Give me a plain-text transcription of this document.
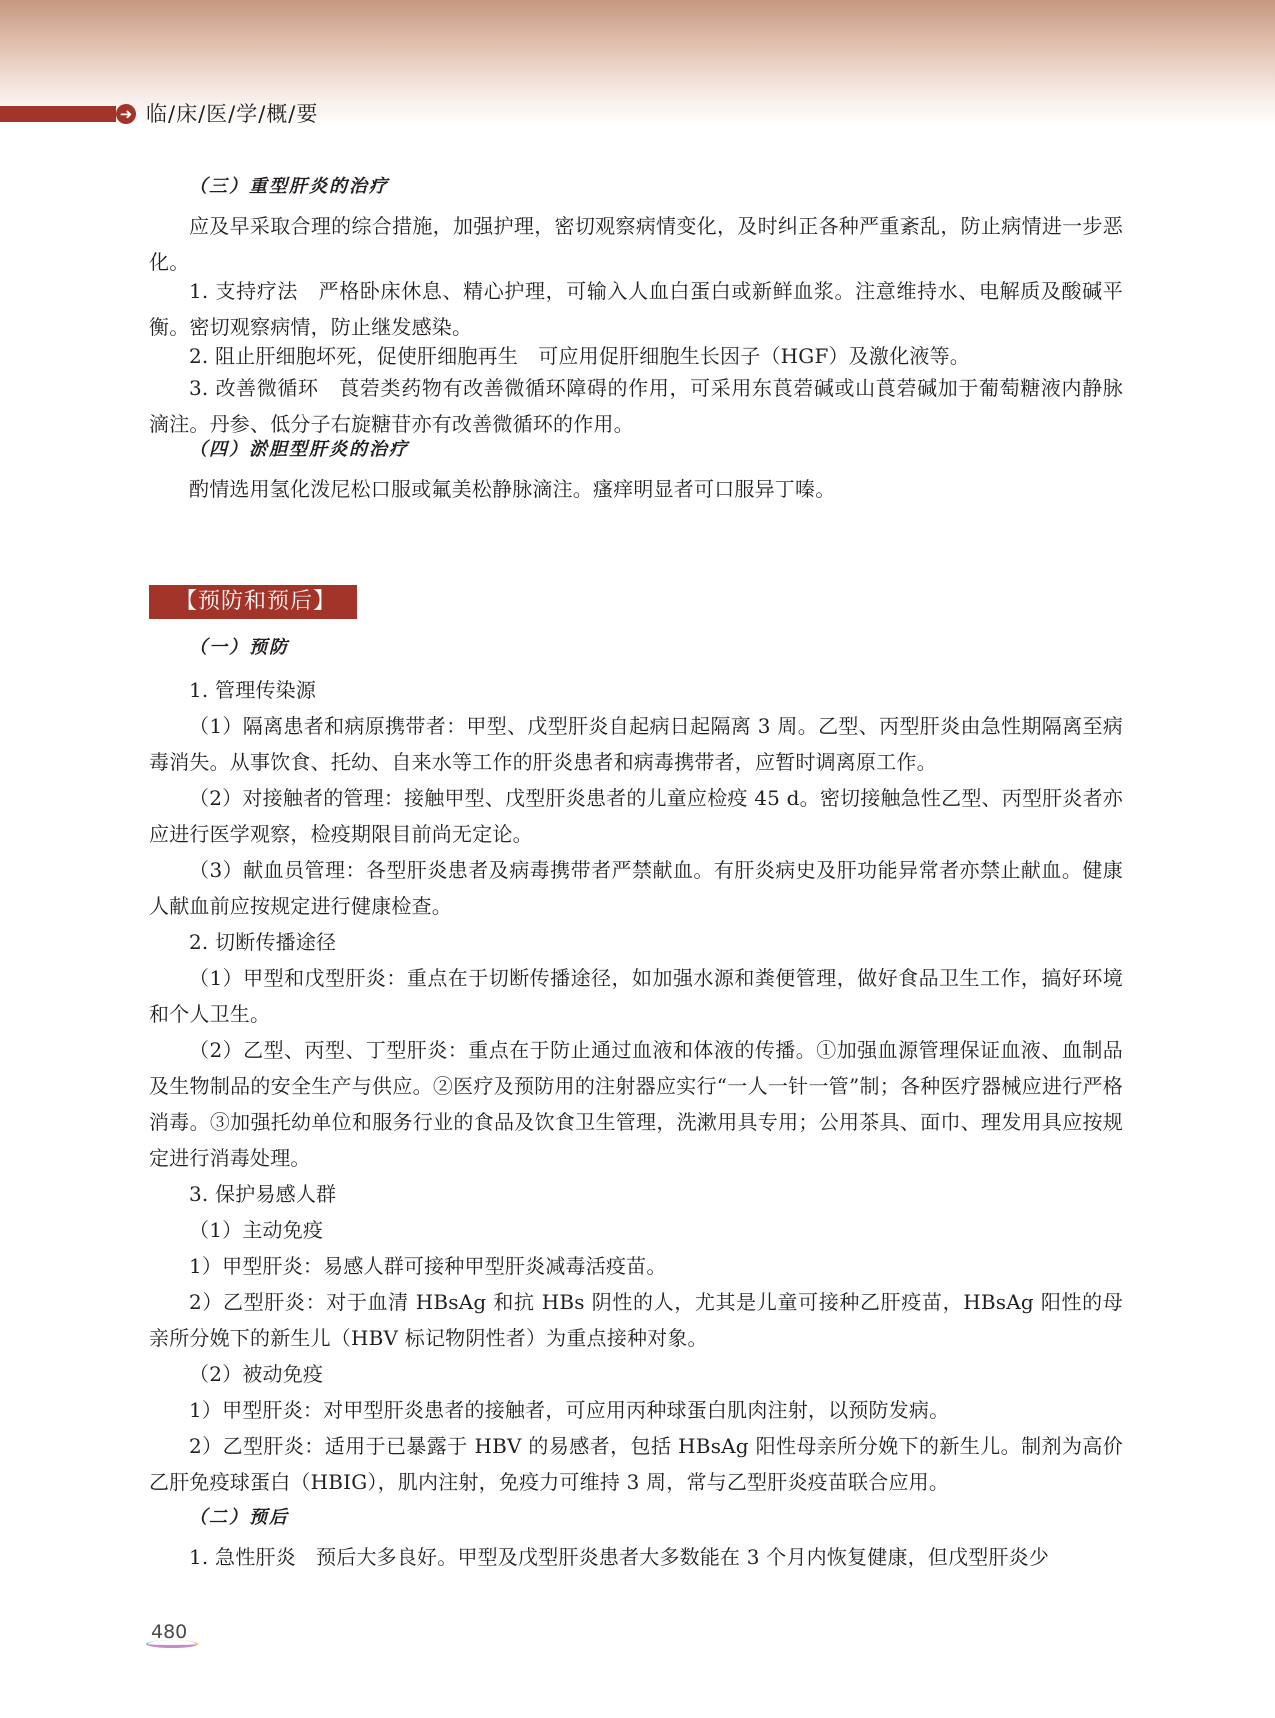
➜ 临/床/医/学/概/要
（三）重型肝炎的治疗

应及早采取合理的综合措施，加强护理，密切观察病情变化，及时纠正各种严重紊乱，防止病情进一步恶化。

1. 支持疗法　严格卧床休息、精心护理，可输入人血白蛋白或新鲜血浆。注意维持水、电解质及酸碱平衡。密切观察病情，防止继发感染。

2. 阻止肝细胞坏死，促使肝细胞再生　可应用促肝细胞生长因子（HGF）及激化液等。

3. 改善微循环　莨菪类药物有改善微循环障碍的作用，可采用东莨菪碱或山莨菪碱加于葡萄糖液内静脉滴注。丹参、低分子右旋糖苷亦有改善微循环的作用。

（四）淤胆型肝炎的治疗

酌情选用氢化泼尼松口服或氟美松静脉滴注。瘙痒明显者可口服异丁嗪。

（一）预防

1. 管理传染源

（1）隔离患者和病原携带者：甲型、戊型肝炎自起病日起隔离 3 周。乙型、丙型肝炎由急性期隔离至病毒消失。从事饮食、托幼、自来水等工作的肝炎患者和病毒携带者，应暂时调离原工作。

（2）对接触者的管理：接触甲型、戊型肝炎患者的儿童应检疫 45 d。密切接触急性乙型、丙型肝炎者亦应进行医学观察，检疫期限目前尚无定论。

（3）献血员管理：各型肝炎患者及病毒携带者严禁献血。有肝炎病史及肝功能异常者亦禁止献血。健康人献血前应按规定进行健康检查。

2. 切断传播途径

（1）甲型和戊型肝炎：重点在于切断传播途径，如加强水源和粪便管理，做好食品卫生工作，搞好环境和个人卫生。

（2）乙型、丙型、丁型肝炎：重点在于防止通过血液和体液的传播。①加强血源管理保证血液、血制品及生物制品的安全生产与供应。②医疗及预防用的注射器应实行“一人一针一管”制；各种医疗器械应进行严格消毒。③加强托幼单位和服务行业的食品及饮食卫生管理，洗漱用具专用；公用茶具、面巾、理发用具应按规定进行消毒处理。

3. 保护易感人群

（1）主动免疫

1）甲型肝炎：易感人群可接种甲型肝炎减毒活疫苗。

2）乙型肝炎：对于血清 HBsAg 和抗 HBs 阴性的人，尤其是儿童可接种乙肝疫苗，HBsAg 阳性的母亲所分娩下的新生儿（HBV 标记物阴性者）为重点接种对象。

（2）被动免疫

1）甲型肝炎：对甲型肝炎患者的接触者，可应用丙种球蛋白肌肉注射，以预防发病。

2）乙型肝炎：适用于已暴露于 HBV 的易感者，包括 HBsAg 阳性母亲所分娩下的新生儿。制剂为高价乙肝免疫球蛋白（HBIG），肌内注射，免疫力可维持 3 周，常与乙型肝炎疫苗联合应用。

（二）预后

1. 急性肝炎　预后大多良好。甲型及戊型肝炎患者大多数能在 3 个月内恢复健康，但戊型肝炎少

【预防和预后】
480
